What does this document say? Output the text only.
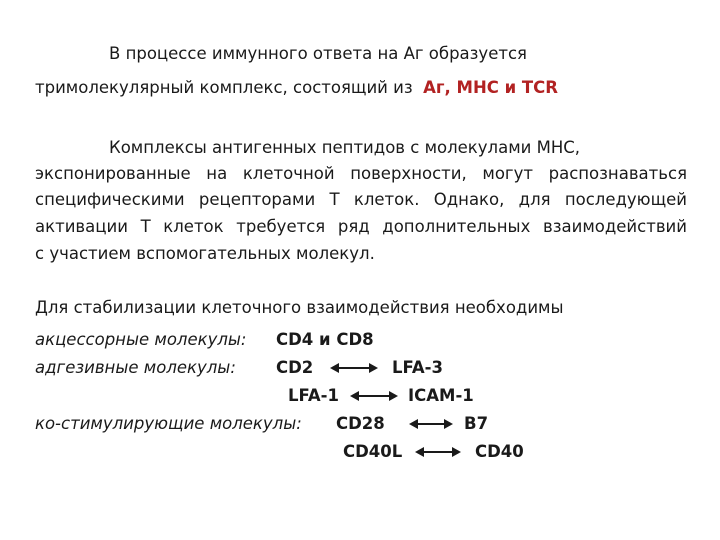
В процессе иммунного ответа на Аг образуется
тримолекулярный комплекс, состоящий из Аг, МНС и TCR
Комплексы антигенных пептидов с молекулами МНС,
экспонированные на клеточной поверхности, могут распознаваться
специфическими рецепторами Т клеток. Однако, для последующей
активации Т клеток требуется ряд дополнительных взаимодействий
с участием вспомогательных молекул.
Для стабилизации клеточного взаимодействия необходимы
акцессорные молекулы: CD4 и CD8
адгезивные молекулы: CD2	LFA-3
LFA-1	ICAM-1
ко-стимулирующие молекулы: CD28	B7
CD40L	CD40
